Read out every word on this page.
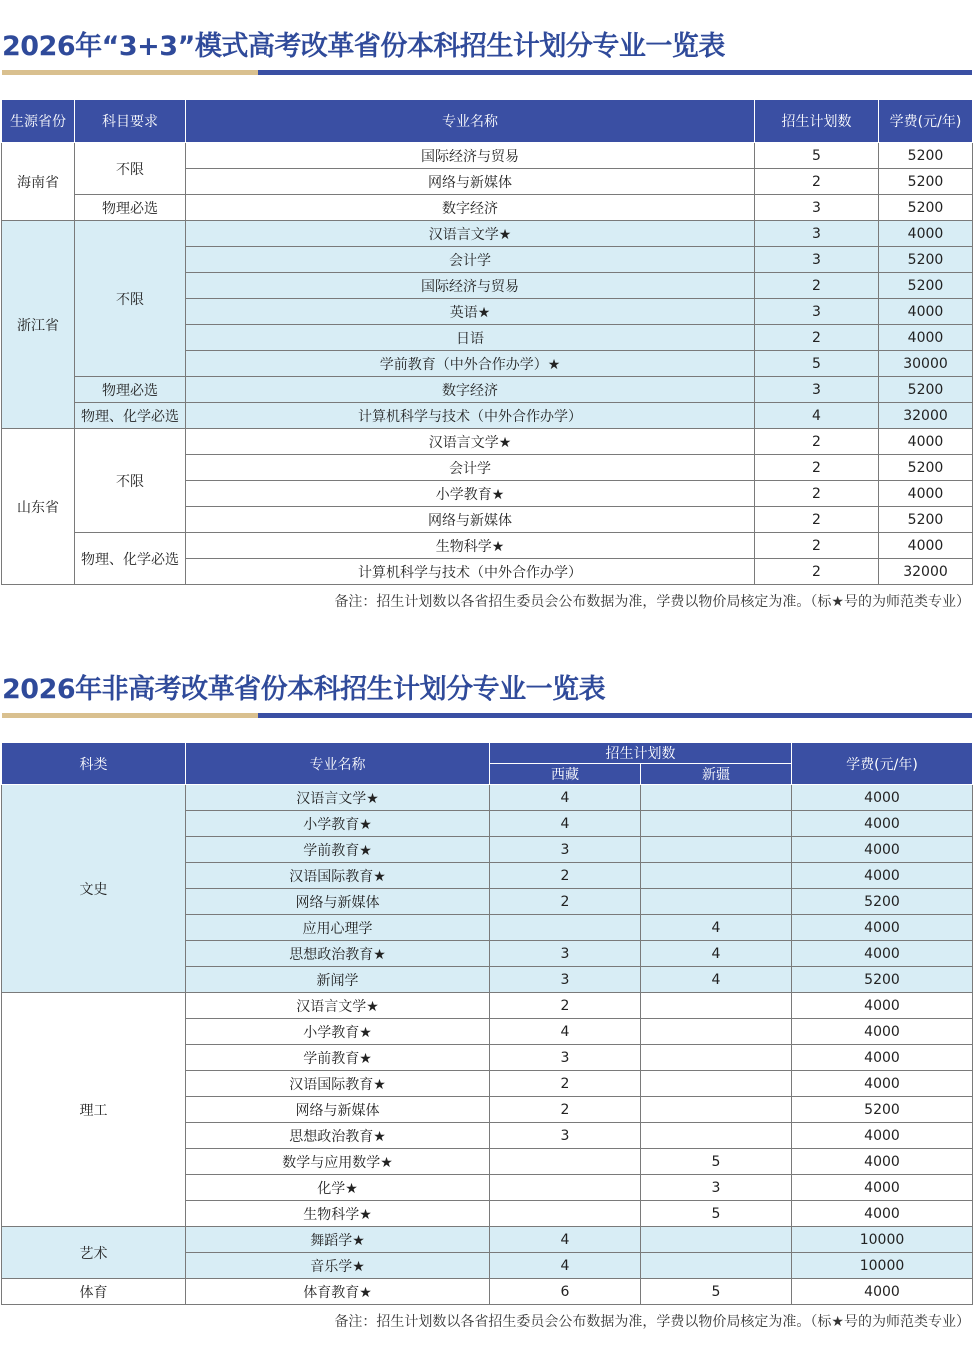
2026年“3+3”模式高考改革省份本科招生计划分专业一览表
生源省份	科目要求	专业名称	招生计划数	学费(元/年)
海南省	不限	国际经济与贸易	5	5200
		网络与新媒体	2	5200
	物理必选	数字经济	3	5200
浙江省	不限	汉语言文学★	3	4000
		会计学	3	5200
		国际经济与贸易	2	5200
		英语★	3	4000
		日语	2	4000
		学前教育（中外合作办学）★	5	30000
	物理必选	数字经济	3	5200
	物理、化学必选	计算机科学与技术（中外合作办学）	4	32000
山东省	不限	汉语言文学★	2	4000
		会计学	2	5200
		小学教育★	2	4000
		网络与新媒体	2	5200
	物理、化学必选	生物科学★	2	4000
		计算机科学与技术（中外合作办学）	2	32000

备注：招生计划数以各省招生委员会公布数据为准，学费以物价局核定为准。（标★号的为师范类专业）

2026年非高考改革省份本科招生计划分专业一览表
科类	专业名称	招生计划数		学费(元/年)
		西藏	新疆	
文史	汉语言文学★	4		4000
	小学教育★	4		4000
	学前教育★	3		4000
	汉语国际教育★	2		4000
	网络与新媒体	2		5200
	应用心理学		4	4000
	思想政治教育★	3	4	4000
	新闻学	3	4	5200
理工	汉语言文学★	2		4000
	小学教育★	4		4000
	学前教育★	3		4000
	汉语国际教育★	2		4000
	网络与新媒体	2		5200
	思想政治教育★	3		4000
	数学与应用数学★		5	4000
	化学★		3	4000
	生物科学★		5	4000
艺术	舞蹈学★	4		10000
	音乐学★	4		10000
体育	体育教育★	6	5	4000

备注：招生计划数以各省招生委员会公布数据为准，学费以物价局核定为准。（标★号的为师范类专业）
